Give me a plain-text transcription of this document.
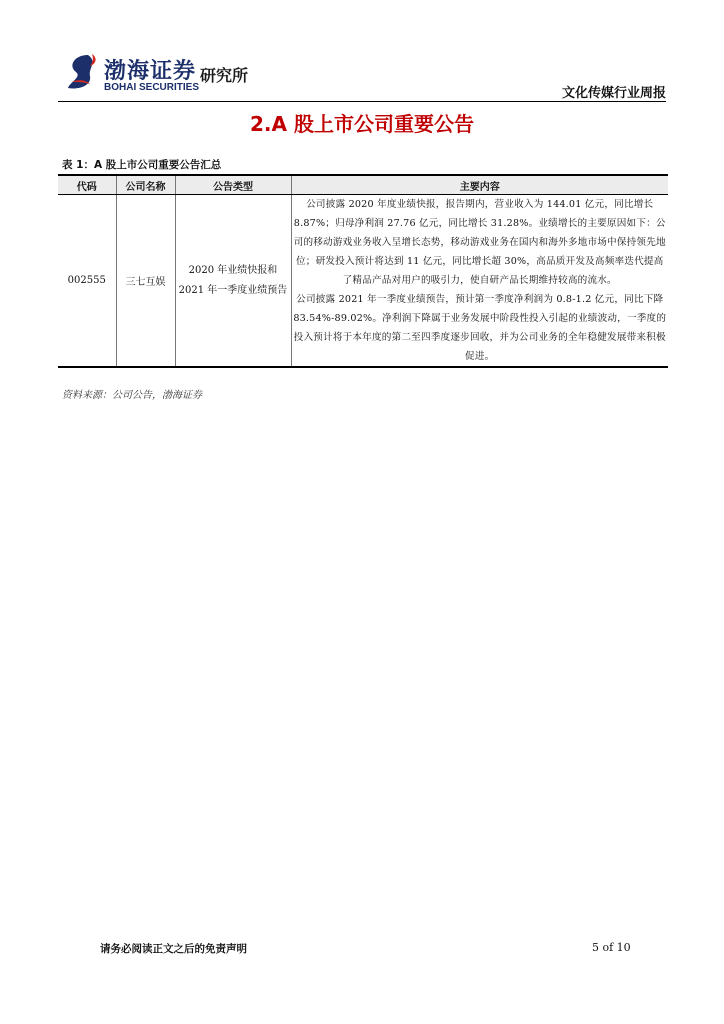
渤海证券
BOHAI SECURITIES
研究所
文化传媒行业周报
2.A 股上市公司重要公告
表 1：A 股上市公司重要公告汇总
代码	公司名称	公告类型	主要内容
002555	三七互娱	2020 年业绩快报和 2021 年一季度业绩预告	公司披露 2020 年度业绩快报，报告期内，营业收入为 144.01 亿元，同比增长 8.87%；归母净利润 27.76 亿元，同比增长 31.28%。业绩增长的主要原因如下：公司的移动游戏业务收入呈增长态势，移动游戏业务在国内和海外多地市场中保持领先地位；研发投入预计将达到 11 亿元，同比增长超 30%，高品质开发及高频率迭代提高了精品产品对用户的吸引力，使自研产品长期维持较高的流水。

公司披露 2021 年一季度业绩预告，预计第一季度净利润为 0.8-1.2 亿元，同比下降 83.54%-89.02%。净利润下降属于业务发展中阶段性投入引起的业绩波动，一季度的投入预计将于本年度的第二至四季度逐步回收，并为公司业务的全年稳健发展带来积极促进。

资料来源：公司公告，渤海证券
请务必阅读正文之后的免责声明	5 of 10
